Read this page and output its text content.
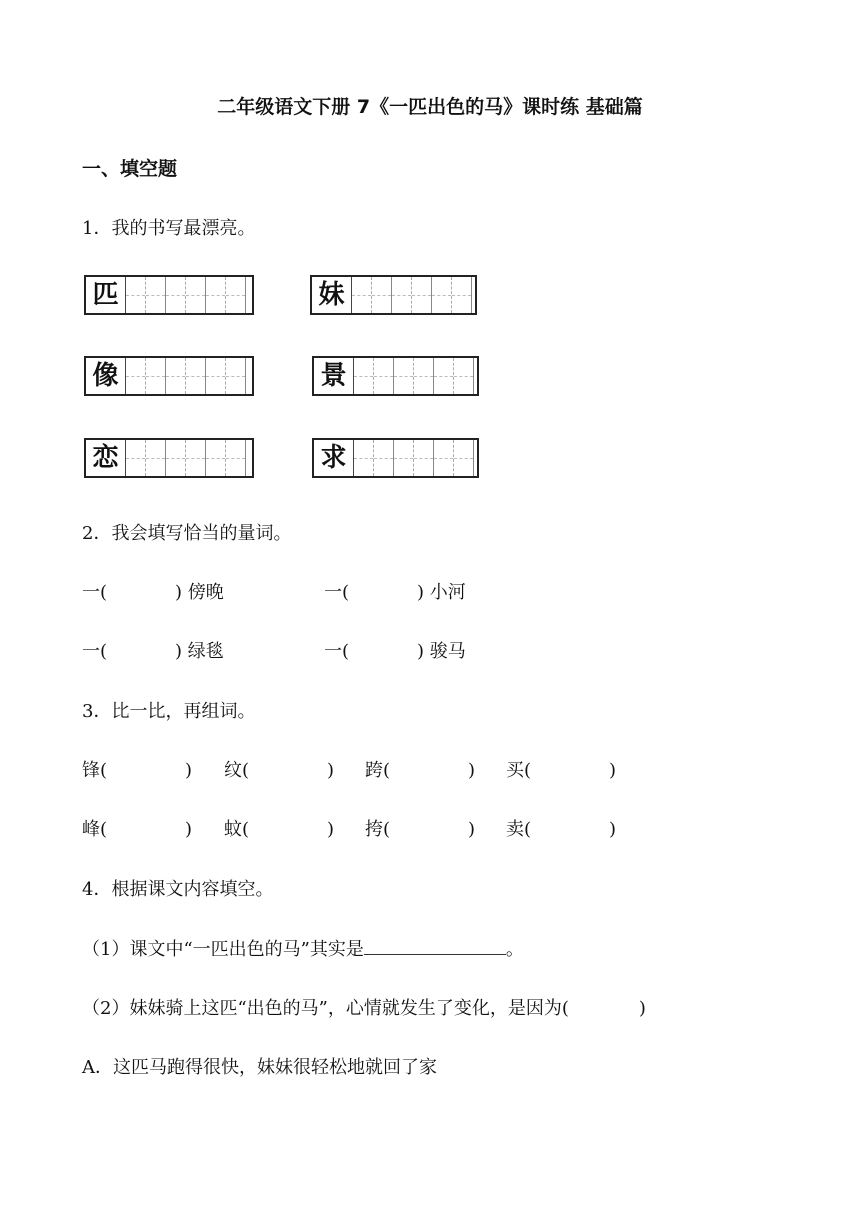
二年级语文下册 7《一匹出色的马》课时练 基础篇
一、填空题
1．我的书写最漂亮。
匹	妹
像	景
恋	求
2．我会填写恰当的量词。
一(	) 傍晚	一(	) 小河
一(	) 绿毯	一(	) 骏马
3．比一比，再组词。
锋(	) 纹(	) 跨(	) 买(	)
峰(	) 蚊(	) 挎(	) 卖(	)
4．根据课文内容填空。
（1）课文中“一匹出色的马”其实是	。
（2）妹妹骑上这匹“出色的马”，心情就发生了变化，是因为(	)
A．这匹马跑得很快，妹妹很轻松地就回了家
